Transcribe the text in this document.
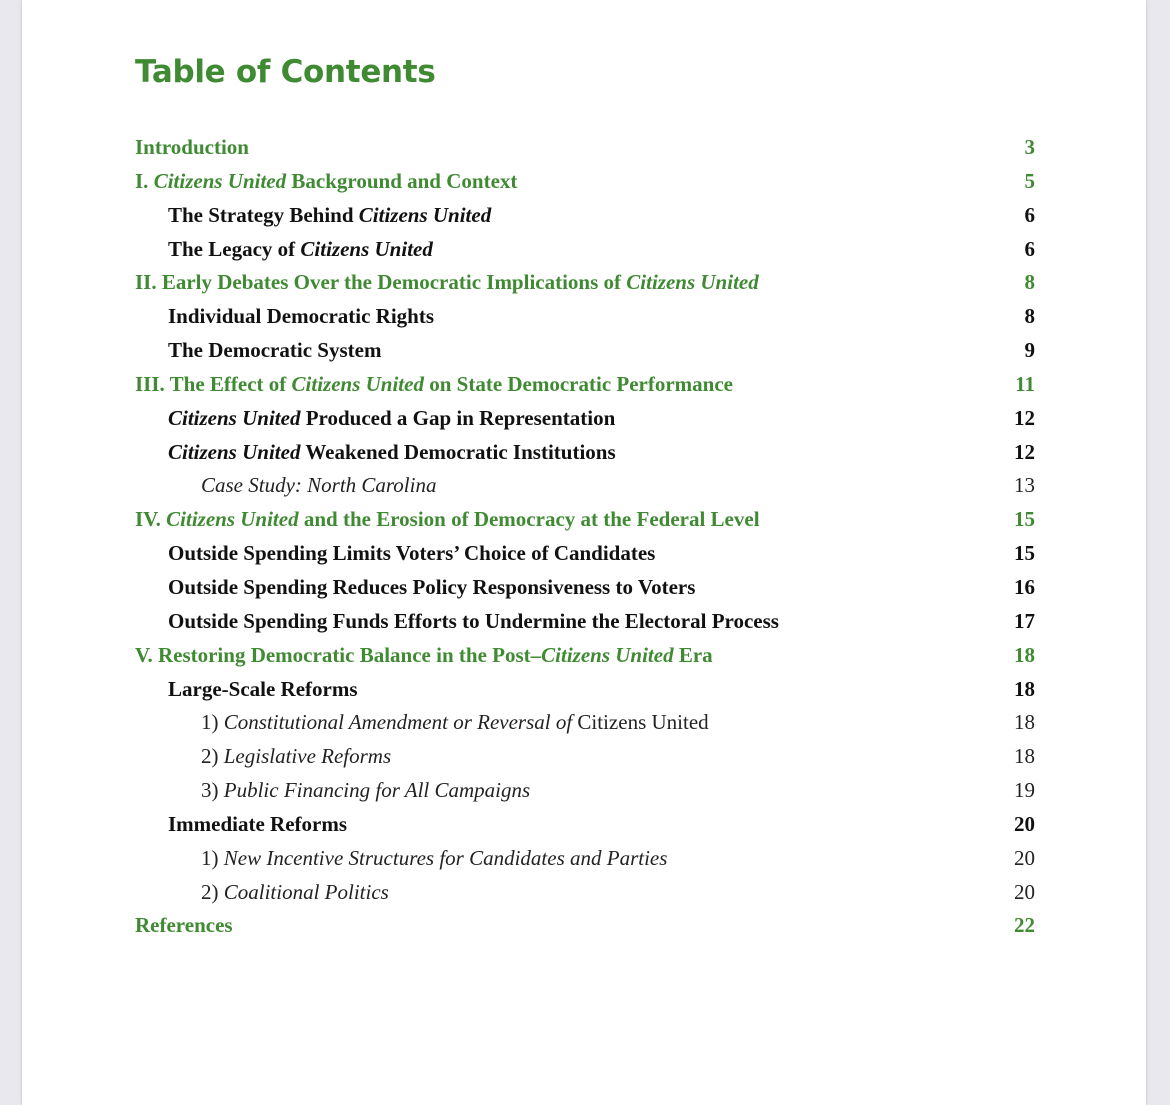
Table of Contents
Introduction	3
I. Citizens United Background and Context	5
The Strategy Behind Citizens United	6
The Legacy of Citizens United	6
II. Early Debates Over the Democratic Implications of Citizens United	8
Individual Democratic Rights	8
The Democratic System	9
III. The Effect of Citizens United on State Democratic Performance	11
Citizens United Produced a Gap in Representation	12
Citizens United Weakened Democratic Institutions	12
Case Study: North Carolina	13
IV. Citizens United and the Erosion of Democracy at the Federal Level	15
Outside Spending Limits Voters’ Choice of Candidates	15
Outside Spending Reduces Policy Responsiveness to Voters	16
Outside Spending Funds Efforts to Undermine the Electoral Process	17
V. Restoring Democratic Balance in the Post–Citizens United Era	18
Large-Scale Reforms	18
1) Constitutional Amendment or Reversal of Citizens United	18
2) Legislative Reforms	18
3) Public Financing for All Campaigns	19
Immediate Reforms	20
1) New Incentive Structures for Candidates and Parties	20
2) Coalitional Politics	20
References	22
